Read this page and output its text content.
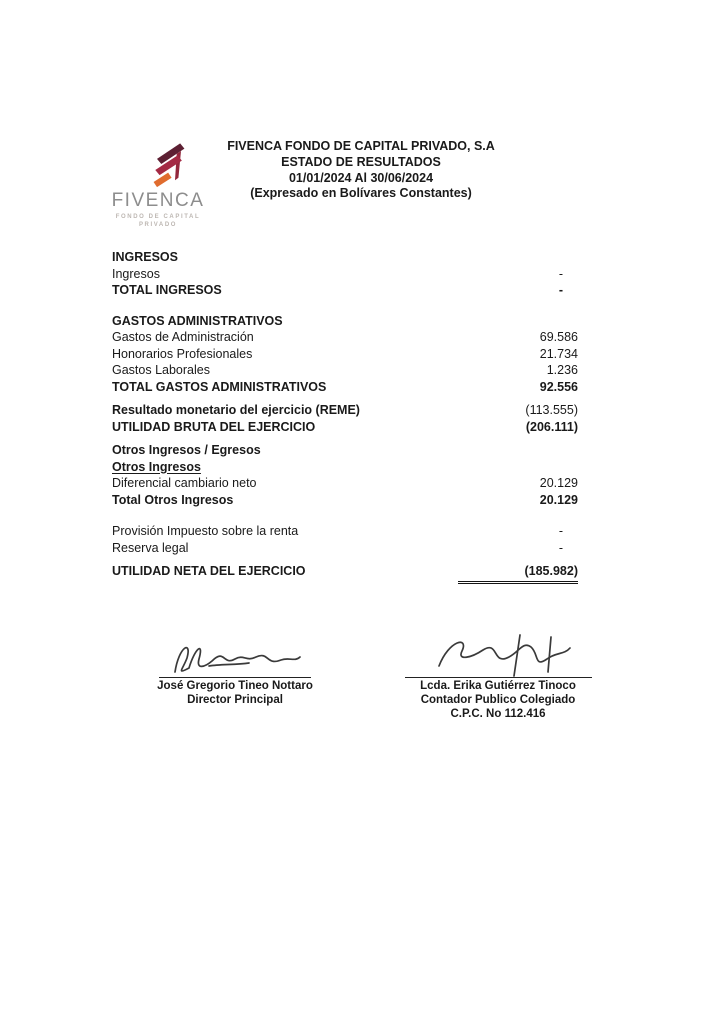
FIVENCA
FONDO DE CAPITAL
PRIVADO
FIVENCA FONDO DE CAPITAL PRIVADO, S.A
ESTADO DE RESULTADOS
01/01/2024 Al 30/06/2024
(Expresado en Bolívares Constantes)
INGRESOS
Ingresos	-
TOTAL INGRESOS	-
GASTOS ADMINISTRATIVOS
Gastos de Administración	69.586
Honorarios Profesionales	21.734
Gastos Laborales	1.236
TOTAL GASTOS ADMINISTRATIVOS	92.556
Resultado monetario del ejercicio (REME)	(113.555)
UTILIDAD BRUTA DEL EJERCICIO	(206.111)
Otros Ingresos / Egresos
Otros Ingresos
Diferencial cambiario neto	20.129
Total Otros Ingresos	20.129
Provisión Impuesto sobre la renta	-
Reserva legal	-
UTILIDAD NETA DEL EJERCICIO	(185.982)
José Gregorio Tineo Nottaro
Director Principal
Lcda. Erika Gutiérrez Tinoco
Contador Publico Colegiado
C.P.C. No 112.416
